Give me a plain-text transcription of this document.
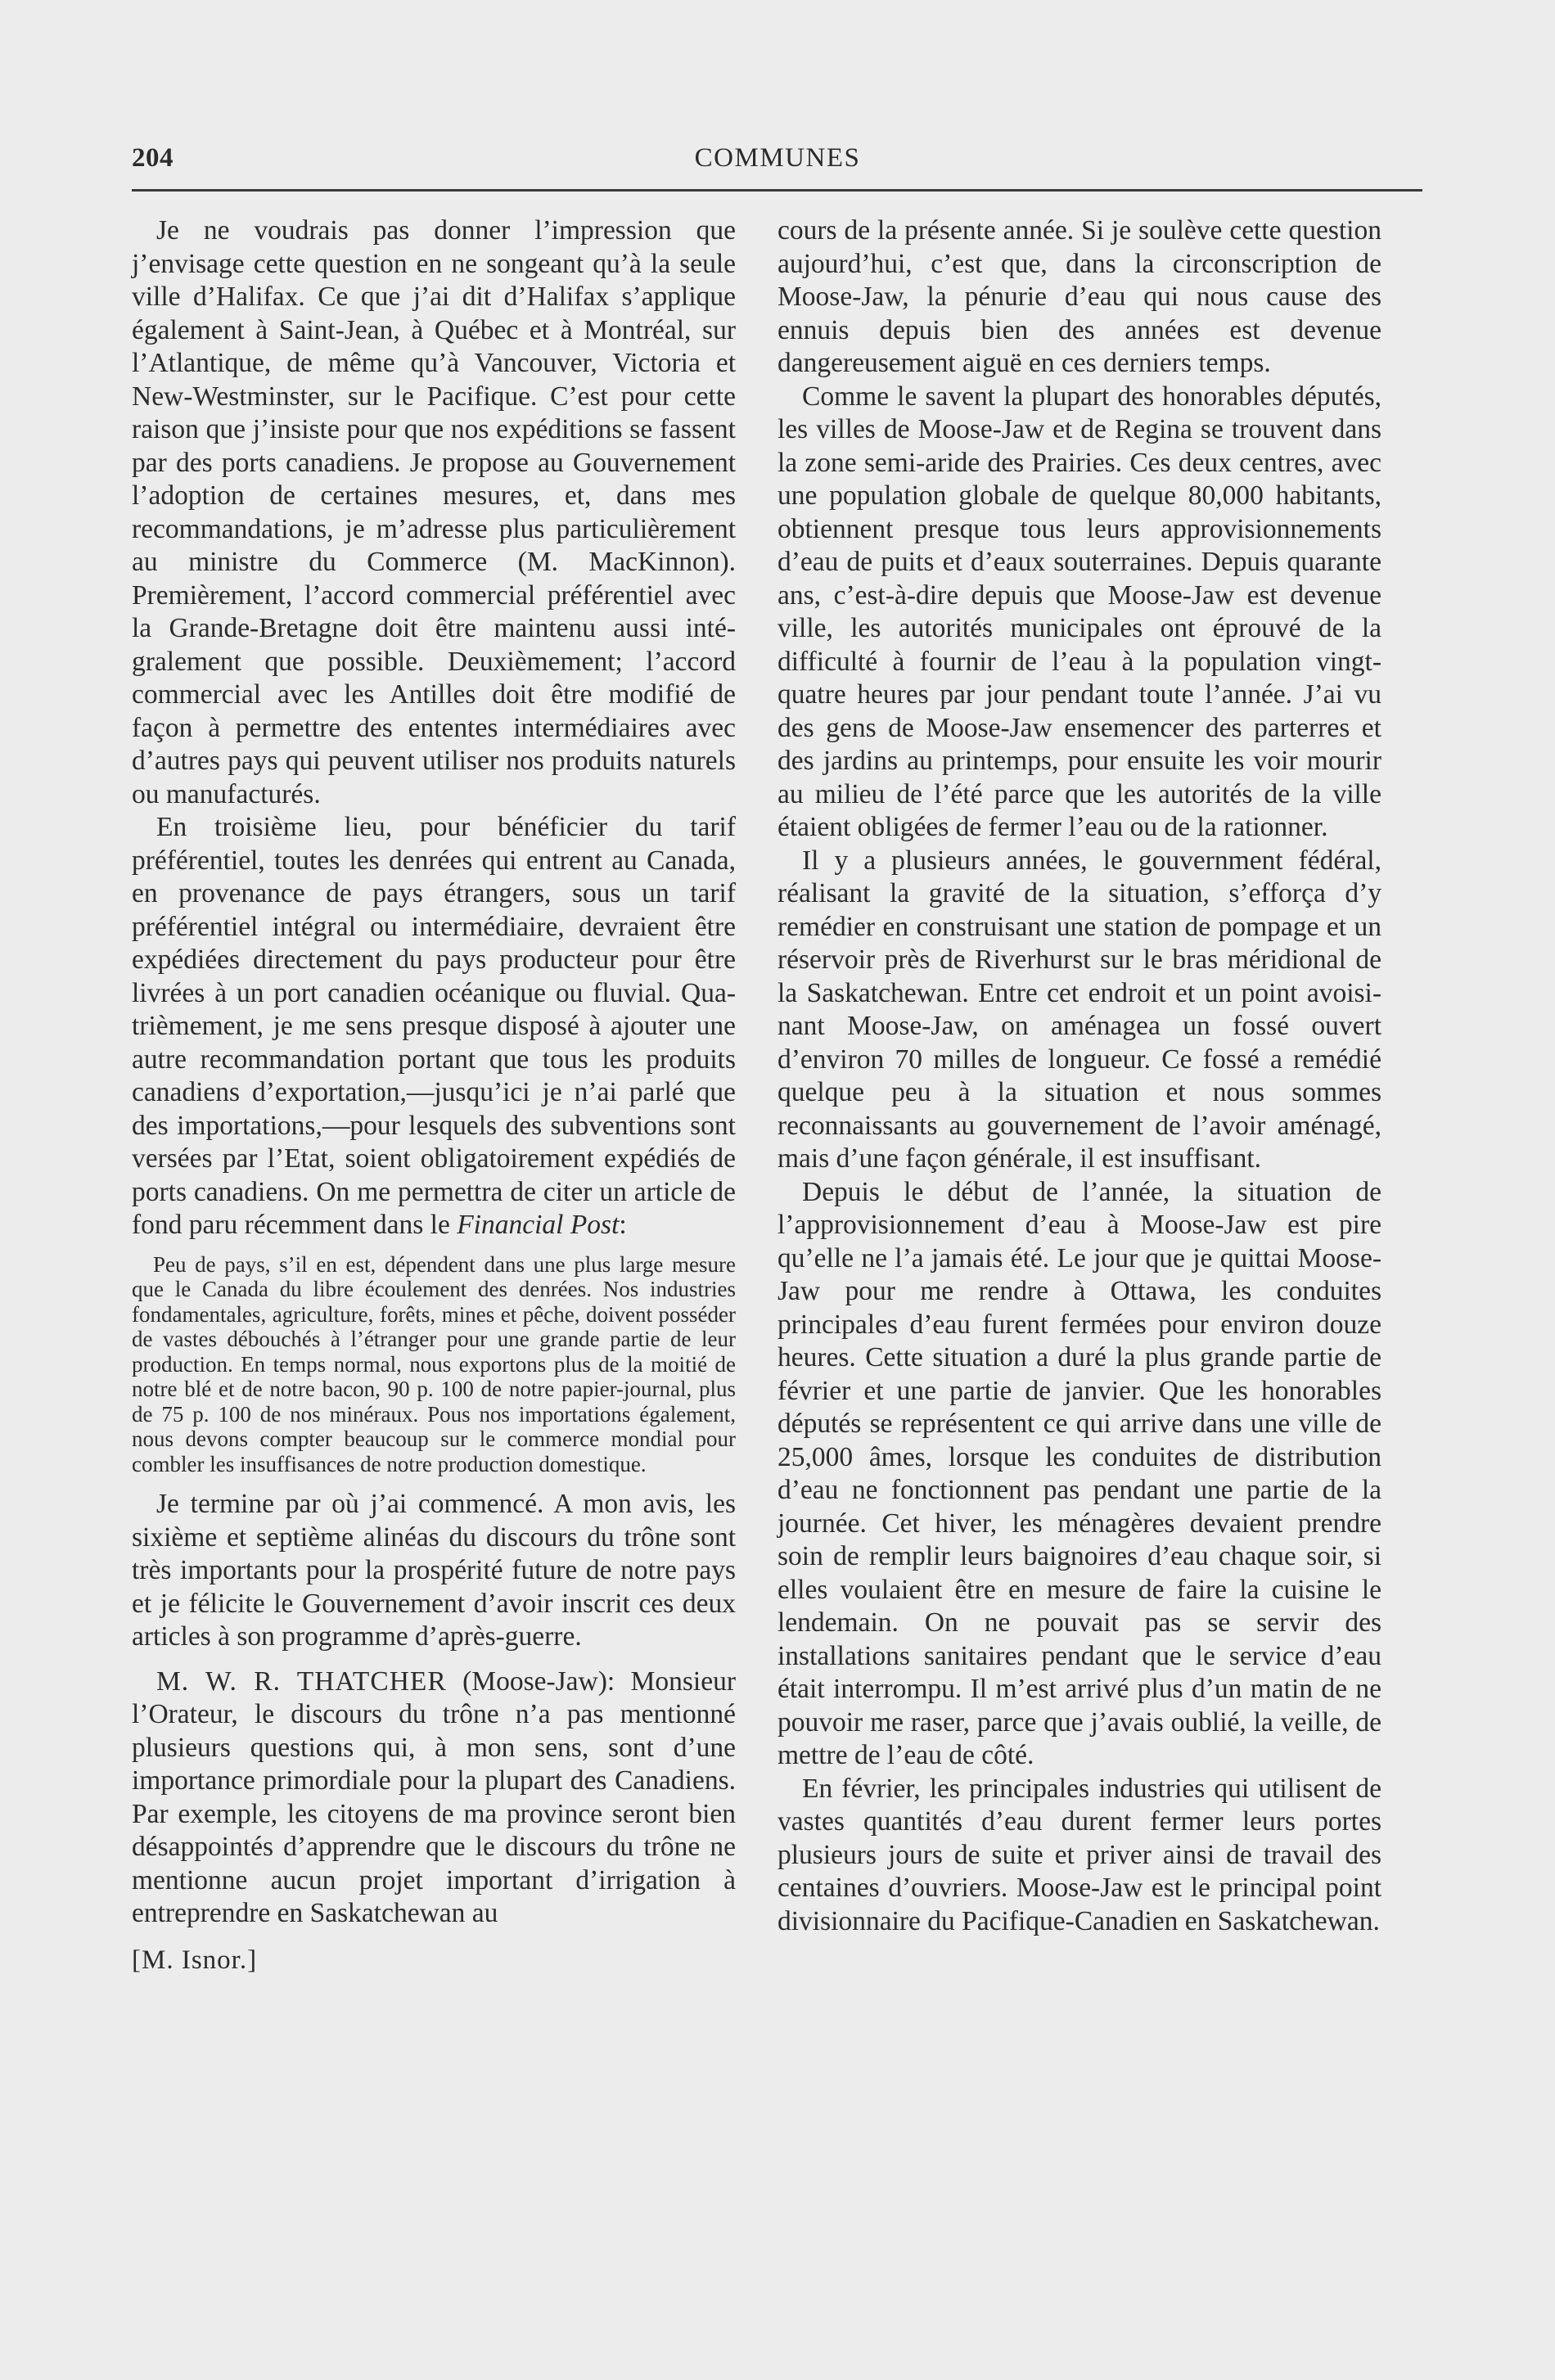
204	COMMUNES

Je ne voudrais pas donner l’impression que j’envisage cette question en ne songeant qu’à la seule ville d’Halifax. Ce que j’ai dit d’Halifax s’applique également à Saint-Jean, à Québec et à Montréal, sur l’Atlantique, de même qu’à Vancouver, Victoria et New-Westminster, sur le Pacifique. C’est pour cette raison que j’insiste pour que nos expéditions se fassent par des ports canadiens. Je propose au Gouvernement l’adoption de certaines mesures, et, dans mes recommandations, je m’adresse plus particulièrement au ministre du Commerce (M. MacKinnon). Premièrement, l’accord commercial préférentiel avec la Grande-Bretagne doit être maintenu aussi intégralement que possible. Deuxièmement; l’accord commercial avec les Antilles doit être modifié de façon à permettre des ententes intermédiaires avec d’autres pays qui peuvent utiliser nos produits naturels ou manufacturés.

En troisième lieu, pour bénéficier du tarif préférentiel, toutes les denrées qui entrent au Canada, en provenance de pays étrangers, sous un tarif préférentiel intégral ou intermédiaire, devraient être expédiées directement du pays producteur pour être livrées à un port canadien océanique ou fluvial. Quatrièmement, je me sens presque disposé à ajouter une autre recommandation portant que tous les produits canadiens d’exportation,—jusqu’ici je n’ai parlé que des importations,—pour lesquels des subventions sont versées par l’Etat, soient obligatoirement expédiés de ports canadiens. On me permettra de citer un article de fond paru récemment dans le Financial Post:

Peu de pays, s’il en est, dépendent dans une plus large mesure que le Canada du libre écoulement des denrées. Nos industries fondamentales, agriculture, forêts, mines et pêche, doivent posséder de vastes débouchés à l’étranger pour une grande partie de leur production. En temps normal, nous exportons plus de la moitié de notre blé et de notre bacon, 90 p. 100 de notre papier-journal, plus de 75 p. 100 de nos minéraux. Pous nos importations également, nous devons compter beaucoup sur le commerce mondial pour combler les insuffisances de notre production domestique.

Je termine par où j’ai commencé. A mon avis, les sixième et septième alinéas du discours du trône sont très importants pour la prospérité future de notre pays et je félicite le Gouvernement d’avoir inscrit ces deux articles à son programme d’après-guerre.

M. W. R. THATCHER (Moose-Jaw): Monsieur l’Orateur, le discours du trône n’a pas mentionné plusieurs questions qui, à mon sens, sont d’une importance primordiale pour la plupart des Canadiens. Par exemple, les citoyens de ma province seront bien désappointés d’apprendre que le discours du trône ne mentionne aucun projet important d’irrigation à entreprendre en Saskatchewan au

[M. Isnor.]

cours de la présente année. Si je soulève cette question aujourd’hui, c’est que, dans la circonscription de Moose-Jaw, la pénurie d’eau qui nous cause des ennuis depuis bien des années est devenue dangereusement aiguë en ces derniers temps.

Comme le savent la plupart des honorables députés, les villes de Moose-Jaw et de Regina se trouvent dans la zone semi-aride des Prairies. Ces deux centres, avec une population globale de quelque 80,000 habitants, obtiennent presque tous leurs approvisionnements d’eau de puits et d’eaux souterraines. Depuis quarante ans, c’est-à-dire depuis que Moose-Jaw est devenue ville, les autorités municipales ont éprouvé de la difficulté à fournir de l’eau à la population vingt-quatre heures par jour pendant toute l’année. J’ai vu des gens de Moose-Jaw ensemencer des parterres et des jardins au printemps, pour ensuite les voir mourir au milieu de l’été parce que les autorités de la ville étaient obligées de fermer l’eau ou de la rationner.

Il y a plusieurs années, le gouvernment fédéral, réalisant la gravité de la situation, s’efforça d’y remédier en construisant une station de pompage et un réservoir près de Riverhurst sur le bras méridional de la Saskatchewan. Entre cet endroit et un point avoisinant Moose-Jaw, on aménagea un fossé ouvert d’environ 70 milles de longueur. Ce fossé a remédié quelque peu à la situation et nous sommes reconnaissants au gouvernement de l’avoir aménagé, mais d’une façon générale, il est insuffisant.

Depuis le début de l’année, la situation de l’approvisionnement d’eau à Moose-Jaw est pire qu’elle ne l’a jamais été. Le jour que je quittai Moose-Jaw pour me rendre à Ottawa, les conduites principales d’eau furent fermées pour environ douze heures. Cette situation a duré la plus grande partie de février et une partie de janvier. Que les honorables députés se représentent ce qui arrive dans une ville de 25,000 âmes, lorsque les conduites de distribution d’eau ne fonctionnent pas pendant une partie de la journée. Cet hiver, les ménagères devaient prendre soin de remplir leurs baignoires d’eau chaque soir, si elles voulaient être en mesure de faire la cuisine le lendemain. On ne pouvait pas se servir des installations sanitaires pendant que le service d’eau était interrompu. Il m’est arrivé plus d’un matin de ne pouvoir me raser, parce que j’avais oublié, la veille, de mettre de l’eau de côté.

En février, les principales industries qui utilisent de vastes quantités d’eau durent fermer leurs portes plusieurs jours de suite et priver ainsi de travail des centaines d’ouvriers. Moose-Jaw est le principal point divisionnaire du Pacifique-Canadien en Saskatchewan.
